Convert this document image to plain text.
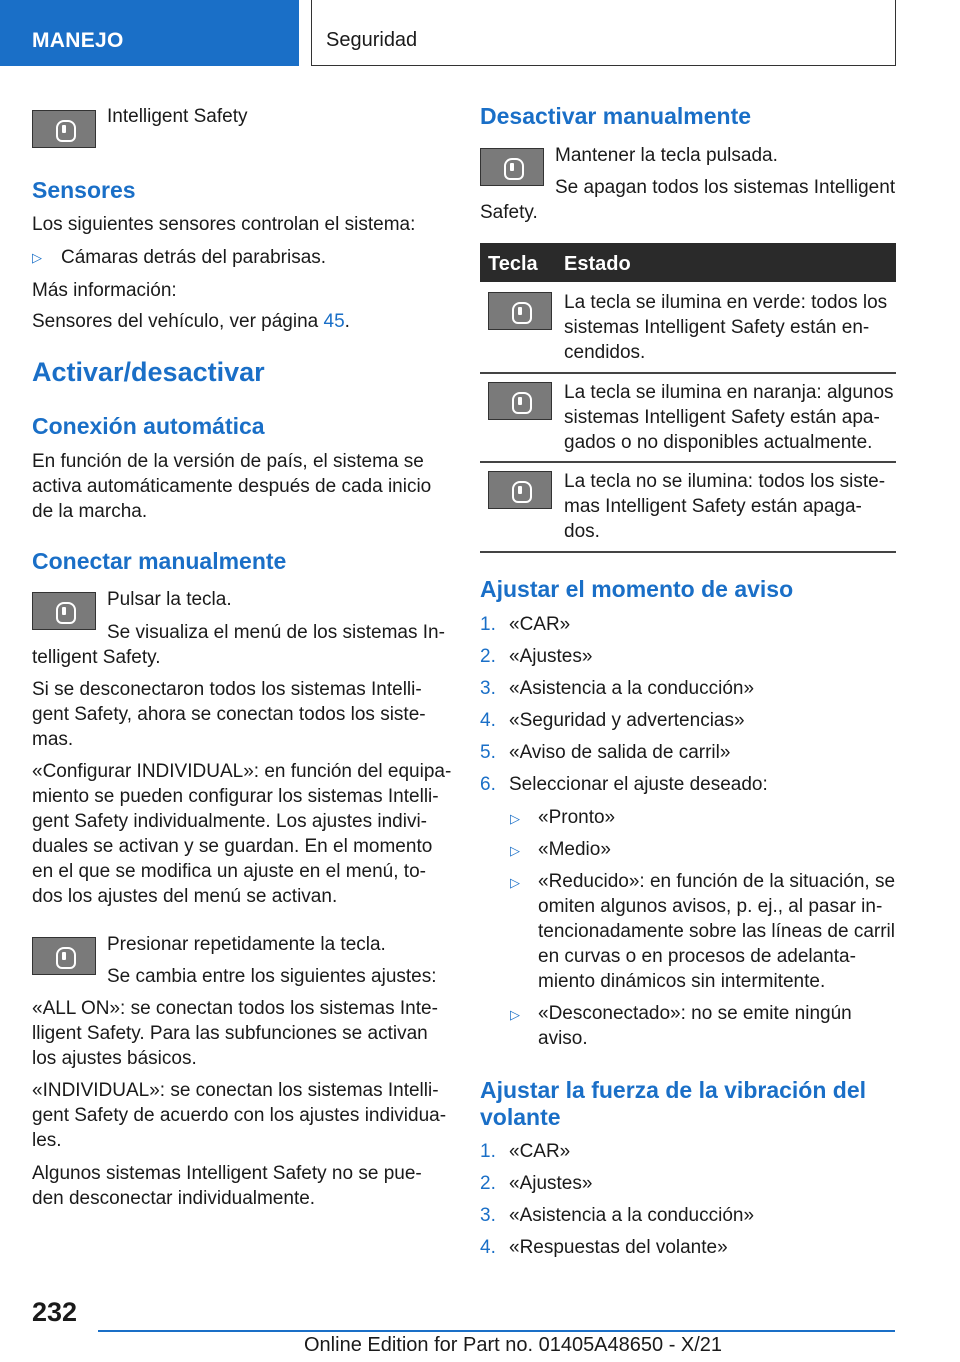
MANEJO	Seguridad
Intelligent Safety
Sensores
Los siguientes sensores controlan el sistema:
▷ Cámaras detrás del parabrisas.
Más información:
Sensores del vehículo, ver página 45.
Activar/desactivar
Conexión automática
En función de la versión de país, el sistema se
activa automáticamente después de cada inicio
de la marcha.
Conectar manualmente
Pulsar la tecla.
Se visualiza el menú de los sistemas In-
telligent Safety.
Si se desconectaron todos los sistemas Intelli-
gent Safety, ahora se conectan todos los siste-
mas.
«Configurar INDIVIDUAL»: en función del equipa-
miento se pueden configurar los sistemas Intelli-
gent Safety individualmente. Los ajustes indivi-
duales se activan y se guardan. En el momento
en el que se modifica un ajuste en el menú, to-
dos los ajustes del menú se activan.
Presionar repetidamente la tecla.
Se cambia entre los siguientes ajustes:
«ALL ON»: se conectan todos los sistemas Inte-
lligent Safety. Para las subfunciones se activan
los ajustes básicos.
«INDIVIDUAL»: se conectan los sistemas Intelli-
gent Safety de acuerdo con los ajustes individua-
les.
Algunos sistemas Intelligent Safety no se pue-
den desconectar individualmente.
Desactivar manualmente
Mantener la tecla pulsada.
Se apagan todos los sistemas Intelligent
Safety.
Tecla Estado
La tecla se ilumina en verde: todos los
sistemas Intelligent Safety están en-
cendidos.
La tecla se ilumina en naranja: algunos
sistemas Intelligent Safety están apa-
gados o no disponibles actualmente.
La tecla no se ilumina: todos los siste-
mas Intelligent Safety están apaga-
dos.
Ajustar el momento de aviso
1. «CAR»
2. «Ajustes»
3. «Asistencia a la conducción»
4. «Seguridad y advertencias»
5. «Aviso de salida de carril»
6. Seleccionar el ajuste deseado:
▷ «Pronto»
▷ «Medio»
▷ «Reducido»: en función de la situación, se
omiten algunos avisos, p. ej., al pasar in-
tencionadamente sobre las líneas de carril
en curvas o en procesos de adelanta-
miento dinámicos sin intermitente.
▷ «Desconectado»: no se emite ningún
aviso.
Ajustar la fuerza de la vibración del
volante
1. «CAR»
2. «Ajustes»
3. «Asistencia a la conducción»
4. «Respuestas del volante»
232
Online Edition for Part no. 01405A48650 - X/21
